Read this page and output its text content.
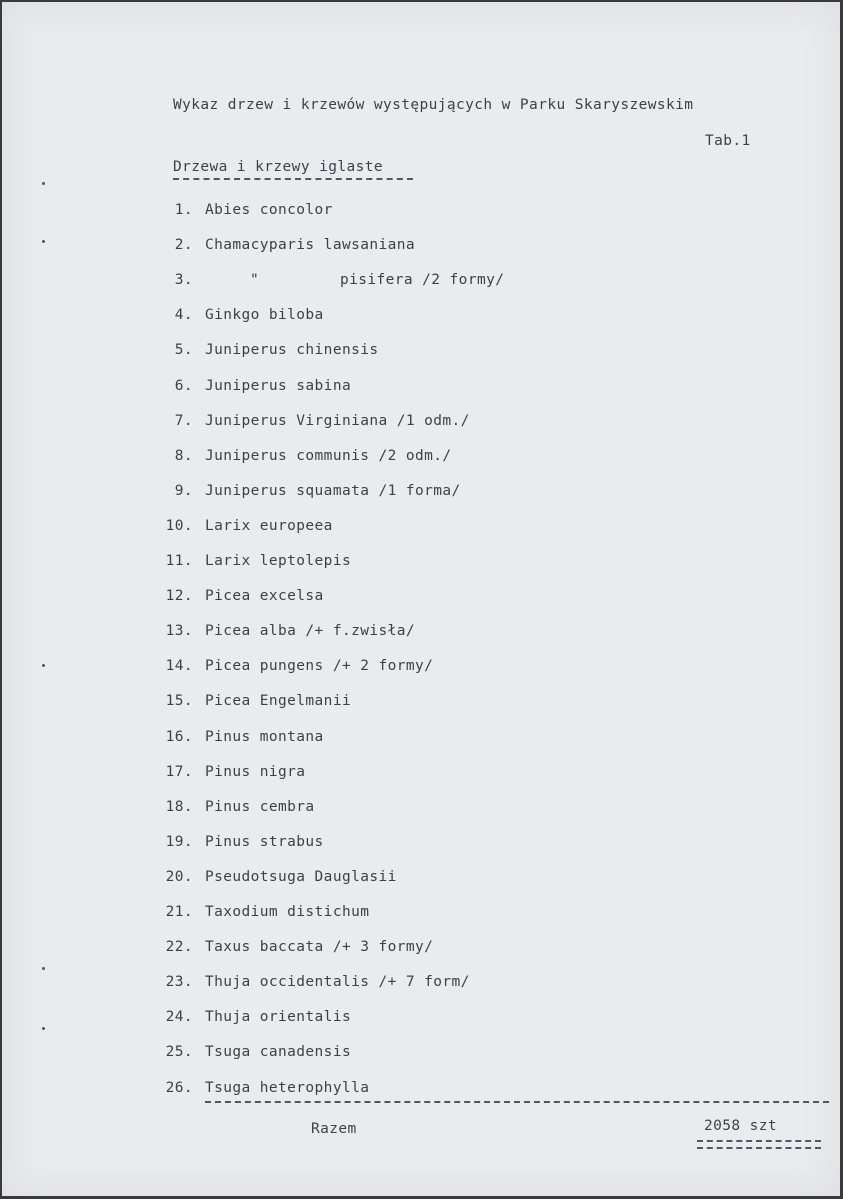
Wykaz drzew i krzewów występujących w Parku Skaryszewskim
Tab.1
Drzewa i krzewy iglaste
1. Abies concolor
2. Chamacyparis lawsaniana
3.	"	pisifera /2 formy/
4. Ginkgo biloba
5. Juniperus chinensis
6. Juniperus sabina
7. Juniperus Virginiana /1 odm./
8. Juniperus communis /2 odm./
9. Juniperus squamata /1 forma/
10. Larix europeea
11. Larix leptolepis
12. Picea excelsa
13. Picea alba /+ f.zwisła/
14. Picea pungens /+ 2 formy/
15. Picea Engelmanii
16. Pinus montana
17. Pinus nigra
18. Pinus cembra
19. Pinus strabus
20. Pseudotsuga Dauglasii
21. Taxodium distichum
22. Taxus baccata /+ 3 formy/
23. Thuja occidentalis /+ 7 form/
24. Thuja orientalis
25. Tsuga canadensis
26. Tsuga heterophylla
Razem	2058 szt
